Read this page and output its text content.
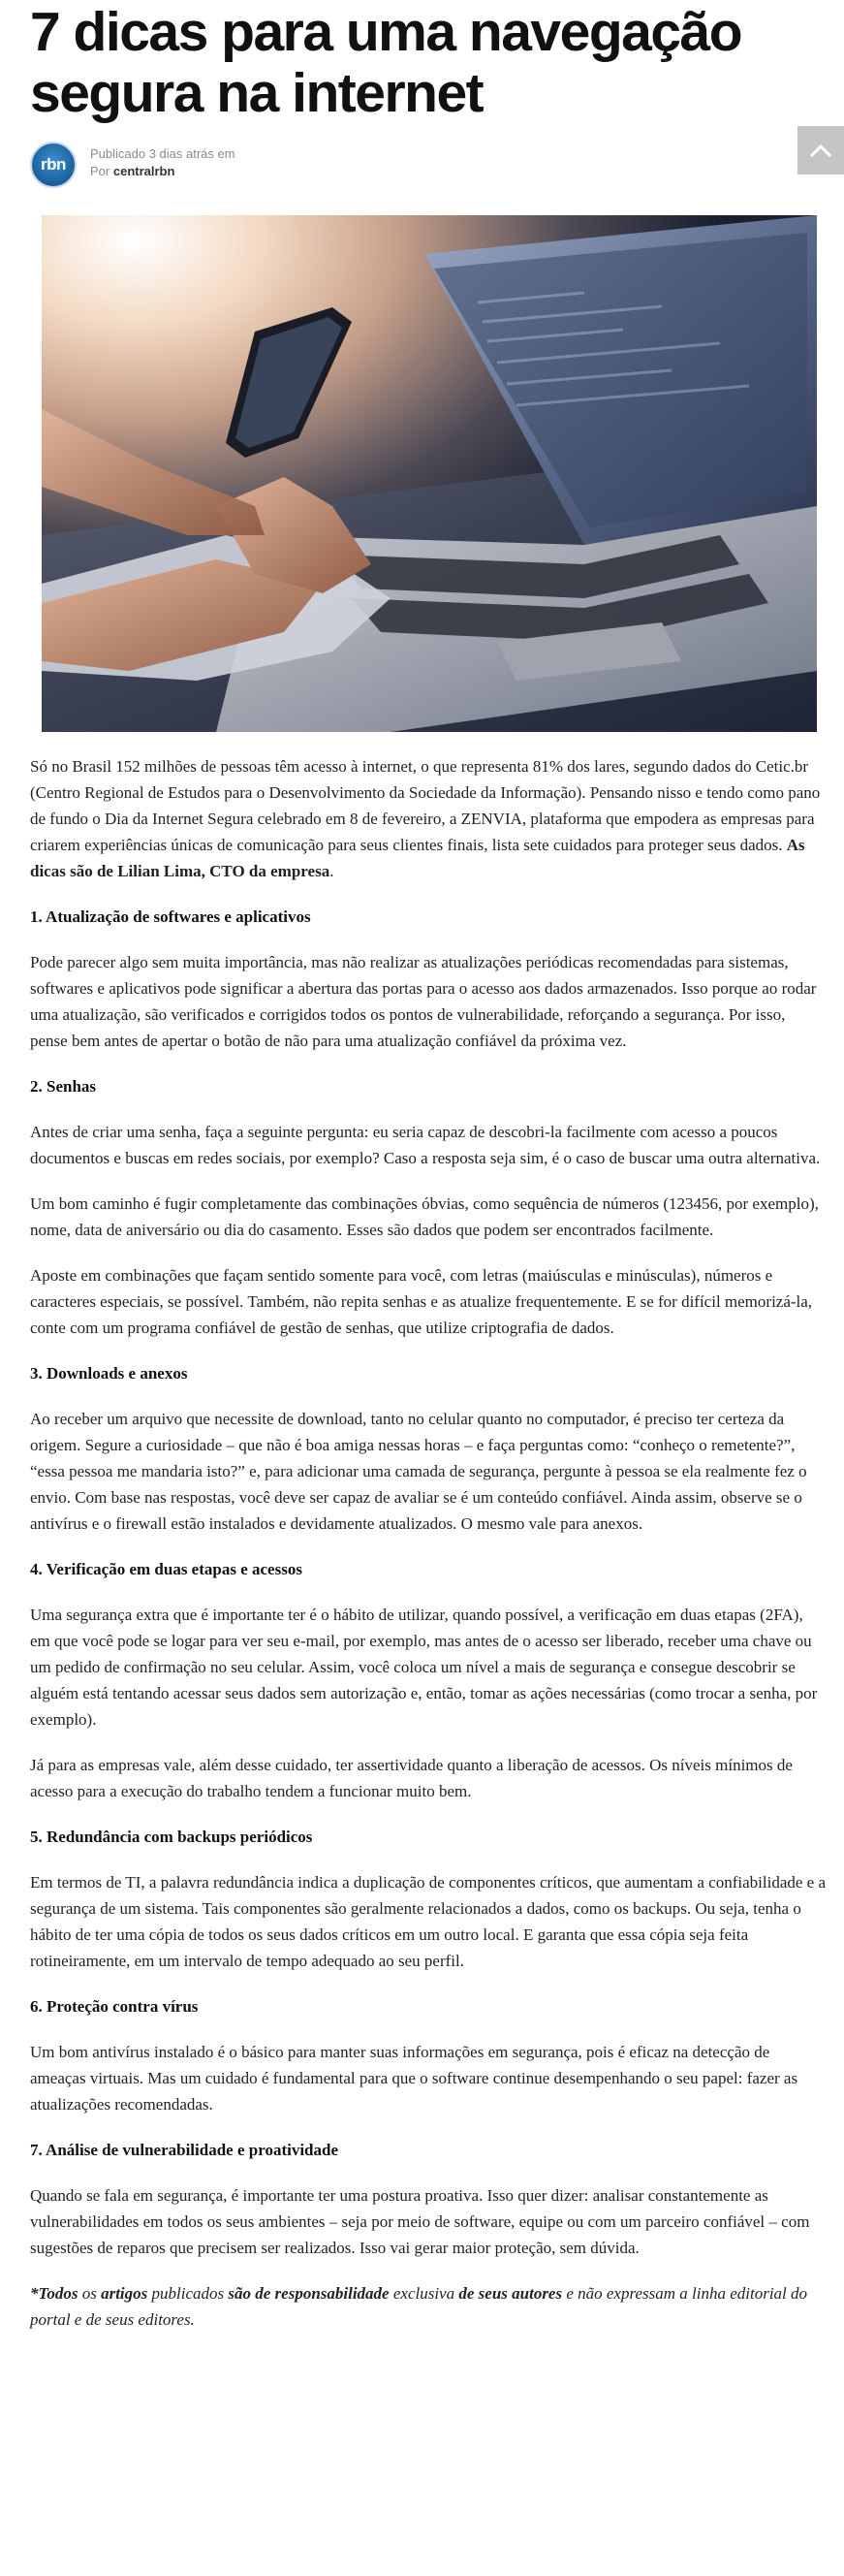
7 dicas para uma navegação segura na internet
rbn
Publicado 3 dias atrás em
Por centralrbn

Só no Brasil 152 milhões de pessoas têm acesso à internet, o que representa 81% dos lares, segundo dados do Cetic.br (Centro Regional de Estudos para o Desenvolvimento da Sociedade da Informação). Pensando nisso e tendo como pano de fundo o Dia da Internet Segura celebrado em 8 de fevereiro, a ZENVIA, plataforma que empodera as empresas para criarem experiências únicas de comunicação para seus clientes finais, lista sete cuidados para proteger seus dados. As dicas são de Lilian Lima, CTO da empresa.

1. Atualização de softwares e aplicativos

Pode parecer algo sem muita importância, mas não realizar as atualizações periódicas recomendadas para sistemas, softwares e aplicativos pode significar a abertura das portas para o acesso aos dados armazenados. Isso porque ao rodar uma atualização, são verificados e corrigidos todos os pontos de vulnerabilidade, reforçando a segurança. Por isso, pense bem antes de apertar o botão de não para uma atualização confiável da próxima vez.

2. Senhas

Antes de criar uma senha, faça a seguinte pergunta: eu seria capaz de descobri-la facilmente com acesso a poucos documentos e buscas em redes sociais, por exemplo? Caso a resposta seja sim, é o caso de buscar uma outra alternativa.

Um bom caminho é fugir completamente das combinações óbvias, como sequência de números (123456, por exemplo), nome, data de aniversário ou dia do casamento. Esses são dados que podem ser encontrados facilmente.

Aposte em combinações que façam sentido somente para você, com letras (maiúsculas e minúsculas), números e caracteres especiais, se possível. Também, não repita senhas e as atualize frequentemente. E se for difícil memorizá-la, conte com um programa confiável de gestão de senhas, que utilize criptografia de dados.

3. Downloads e anexos

Ao receber um arquivo que necessite de download, tanto no celular quanto no computador, é preciso ter certeza da origem. Segure a curiosidade – que não é boa amiga nessas horas – e faça perguntas como: “conheço o remetente?”, “essa pessoa me mandaria isto?” e, para adicionar uma camada de segurança, pergunte à pessoa se ela realmente fez o envio. Com base nas respostas, você deve ser capaz de avaliar se é um conteúdo confiável. Ainda assim, observe se o antivírus e o firewall estão instalados e devidamente atualizados. O mesmo vale para anexos.

4. Verificação em duas etapas e acessos

Uma segurança extra que é importante ter é o hábito de utilizar, quando possível, a verificação em duas etapas (2FA), em que você pode se logar para ver seu e-mail, por exemplo, mas antes de o acesso ser liberado, receber uma chave ou um pedido de confirmação no seu celular. Assim, você coloca um nível a mais de segurança e consegue descobrir se alguém está tentando acessar seus dados sem autorização e, então, tomar as ações necessárias (como trocar a senha, por exemplo).

Já para as empresas vale, além desse cuidado, ter assertividade quanto a liberação de acessos. Os níveis mínimos de acesso para a execução do trabalho tendem a funcionar muito bem.

5. Redundância com backups periódicos

Em termos de TI, a palavra redundância indica a duplicação de componentes críticos, que aumentam a confiabilidade e a segurança de um sistema. Tais componentes são geralmente relacionados a dados, como os backups. Ou seja, tenha o hábito de ter uma cópia de todos os seus dados críticos em um outro local. E garanta que essa cópia seja feita rotineiramente, em um intervalo de tempo adequado ao seu perfil.

6. Proteção contra vírus

Um bom antivírus instalado é o básico para manter suas informações em segurança, pois é eficaz na detecção de ameaças virtuais. Mas um cuidado é fundamental para que o software continue desempenhando o seu papel: fazer as atualizações recomendadas.

7. Análise de vulnerabilidade e proatividade

Quando se fala em segurança, é importante ter uma postura proativa. Isso quer dizer: analisar constantemente as vulnerabilidades em todos os seus ambientes – seja por meio de software, equipe ou com um parceiro confiável – com sugestões de reparos que precisem ser realizados. Isso vai gerar maior proteção, sem dúvida.

*Todos os artigos publicados são de responsabilidade exclusiva de seus autores e não expressam a linha editorial do portal e de seus editores.
